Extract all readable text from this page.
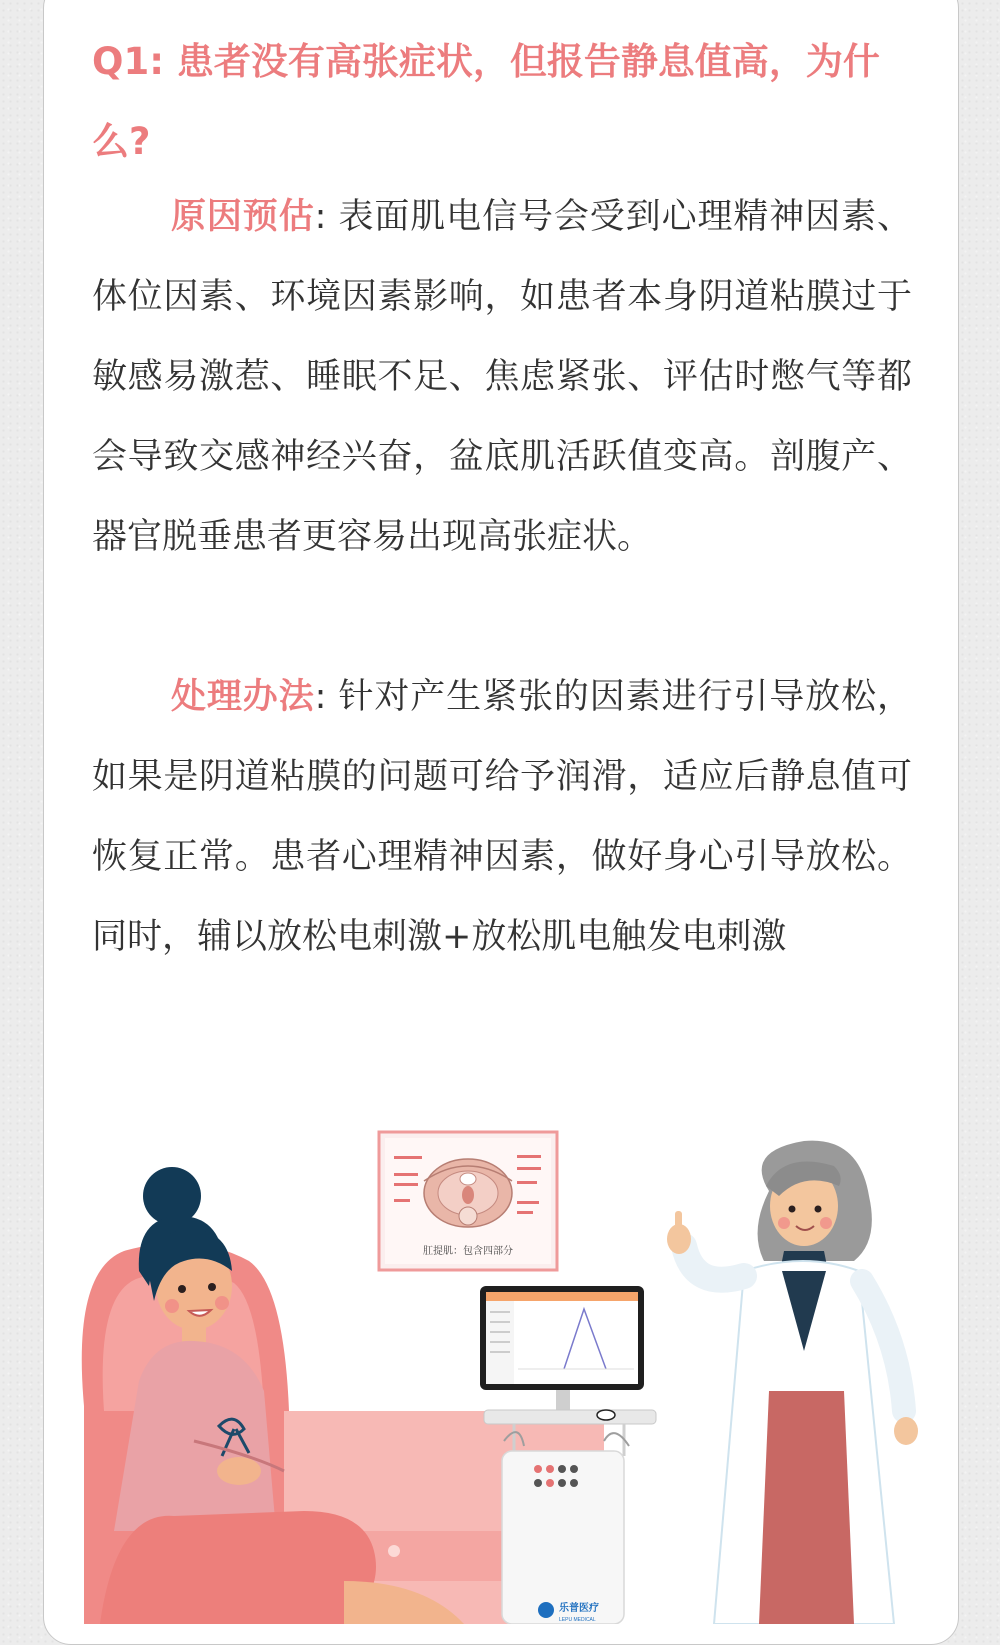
Q1: 患者没有高张症状，但报告静息值高，为什么?

原因预估: 表面肌电信号会受到心理精神因素、体位因素、环境因素影响，如患者本身阴道粘膜过于敏感易激惹、睡眠不足、焦虑紧张、评估时憋气等都会导致交感神经兴奋，盆底肌活跃值变高。剖腹产、器官脱垂患者更容易出现高张症状。

处理办法: 针对产生紧张的因素进行引导放松，如果是阴道粘膜的问题可给予润滑，适应后静息值可恢复正常。患者心理精神因素，做好身心引导放松。同时，辅以放松电刺激+放松肌电触发电刺激

肛提肌：包含四部分
乐普医疗
LEPU MEDICAL
